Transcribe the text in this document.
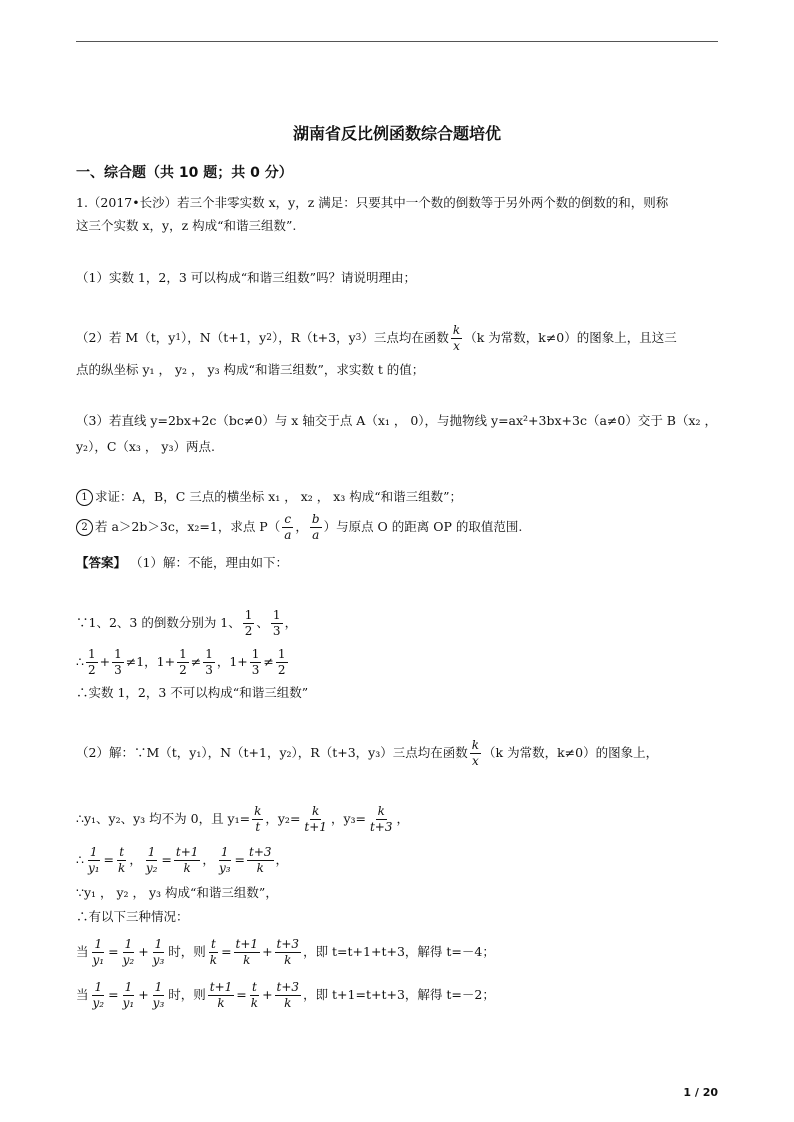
湖南省反比例函数综合题培优
一、综合题（共 10 题；共 0 分）
1.（2017•长沙）若三个非零实数 x，y，z 满足：只要其中一个数的倒数等于另外两个数的倒数的和，则称
这三个实数 x，y，z 构成“和谐三组数”.
（1）实数 1，2，3 可以构成“和谐三组数”吗？请说明理由；
（2）若 M（t，y 1 ），N（t+1，y 2 ），R（t+3，y 3 ）三点均在函数 $\frac{k}{x} (k$ 为常数，k≠0）的图象上，且这三
点的纵坐标 y₁ ， y₂ ， y₃ 构成“和谐三组数”，求实数 t 的值；
（3）若直线 y=2bx+2c（bc≠0）与 x 轴交于点 A（x₁ ， 0），与抛物线 y=ax²+3bx+3c（a≠0）交于 B（x₂ ，
y₂），C（x₃ ， y₃）两点.
1 求证：A，B，C 三点的横坐标 x₁ ， x₂ ， x₃ 构成“和谐三组数”；
2 若 a＞2b＞3c，x₂=1，求点 $P( \frac{c}{a}$ ， $\frac{b}{a}$ ）与原点 O 的距离 OP 的取值范围.
【答案】 （1）解：不能，理由如下：
∵1、2、3 的倒数分别为 1、 $\frac{1}{2}$ 、 $\frac{1}{3}$ ，
∴ $\frac{1}{2} + \frac{1}{3} \ne 1$，$1+ \frac{1}{2} \ne \frac{1}{3}$ ，$1+ \frac{1}{3} \ne \frac{1}{2}$
∴实数 1，2，3 不可以构成“和谐三组数”
（2）解：∵M（t，y₁），N（t+1，y₂），R（t+3，y₃）三点均在函数 $\frac{k}{x} (k$ 为常数，k≠0）的图象上，
∴y₁、y₂、y₃ 均不为 0，且 $y_1= \frac{k}{t}$ ，$y_2= \frac{k}{t+1}$ ，$y_3= \frac{k}{t+3}$ ，
∴ $\frac{1}{\text{y₁}} = \frac{t}{k}$ ， $\frac{1}{\text{y₂}} = \frac{t+1}{k}$ ， $\frac{1}{\text{y₃}} = \frac{t+3}{k}$ ，
∵y₁ ， y₂ ， y₃ 构成“和谐三组数”，
∴有以下三种情况：
当 $\frac{1}{\text{y₁}} = \frac{1}{\text{y₂}} + \frac{1}{\text{y₃}}$ 时，则 $\frac{t}{k} = \frac{t+1}{k} + \frac{t+3}{k}$ ，即 t=t+1+t+3，解得 t=－4；
当 $\frac{1}{\text{y₂}} = \frac{1}{\text{y₁}} + \frac{1}{\text{y₃}}$ 时，则 $\frac{t+1}{k} = \frac{t}{k} + \frac{t+3}{k}$ ，即 t+1=t+t+3，解得 t=－2；
1 / 20
